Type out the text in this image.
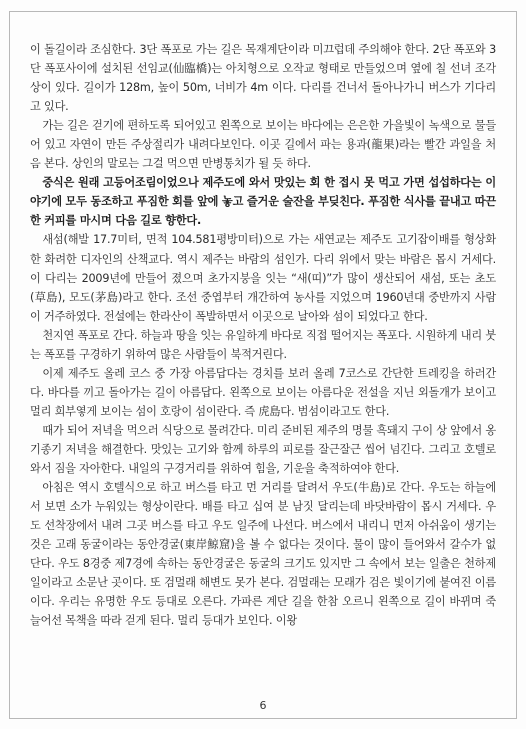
이 돌길이라 조심한다. 3단 폭포로 가는 길은 목재계단이라 미끄럽데 주의해야 한다. 2단 폭포와 3단 폭포사이에 설치된 선임교(仙臨橋)는 아치형으로 오작교 형태로 만들었으며 옆에 칠 선녀 조각상이 있다. 길이가 128m, 높이 50m, 너비가 4m 이다. 다리를 건너서 돌아나가니 버스가 기다리고 있다.

가는 길은 걷기에 편하도록 되어있고 왼쪽으로 보이는 바다에는 은은한 가을빛이 녹색으로 물들어 있고 자연이 만든 주상절리가 내려다보인다. 이곳 길에서 파는 용과(龍果)라는 빨간 과일을 처음 본다. 상인의 말로는 그걸 먹으면 만병통치가 될 듯 하다.

중식은 원래 고등어조림이었으나 제주도에 와서 맛있는 회 한 접시 못 먹고 가면 섭섭하다는 이야기에 모두 동조하고 푸짐한 회를 앞에 놓고 즐거운 술잔을 부딪친다. 푸짐한 식사를 끝내고 따끈한 커피를 마시며 다음 길로 향한다.

새섬(해발 17.7미터, 면적 104.581평방미터)으로 가는 새연교는 제주도 고기잡이배를 형상화한 화려한 디자인의 산책교다. 역시 제주는 바람의 섬인가. 다리 위에서 맞는 바람은 몹시 거세다. 이 다리는 2009년에 만들어 졌으며 초가지붕을 잇는 “새(띠)”가 많이 생산되어 새섬, 또는 초도(草島), 모도(茅島)라고 한다. 조선 중엽부터 개간하여 농사를 지었으며 1960년대 중반까지 사람이 거주하였다. 전설에는 한라산이 폭발하면서 이곳으로 날아와 섬이 되었다고 한다.

천지연 폭포로 간다. 하늘과 땅을 잇는 유일하게 바다로 직접 떨어지는 폭포다. 시원하게 내리 붓는 폭포를 구경하기 위하여 많은 사람들이 북적거린다.

이제 제주도 올레 코스 중 가장 아름답다는 경치를 보러 올레 7코스로 간단한 트레킹을 하러간다. 바다를 끼고 돌아가는 길이 아름답다. 왼쪽으로 보이는 아름다운 전설을 지닌 외돌개가 보이고 멀리 희부옇게 보이는 섬이 호랑이 섬이란다. 즉 虎島다. 범섬이라고도 한다.

때가 되어 저녁을 먹으러 식당으로 몰려간다. 미리 준비된 제주의 명물 흑돼지 구이 상 앞에서 옹기종기 저녁을 해결한다. 맛있는 고기와 함께 하루의 피로를 잘근잘근 씹어 넘긴다. 그리고 호텔로 와서 짐을 자아한다. 내일의 구경거리를 위하여 힘을, 기운을 축적하여야 한다.

아침은 역시 호텔식으로 하고 버스를 타고 먼 거리를 달려서 우도(牛島)로 간다. 우도는 하늘에서 보면 소가 누워있는 형상이란다. 배를 타고 십여 분 남짓 달리는데 바닷바람이 몹시 거세다. 우도 선착장에서 내려 그곳 버스를 타고 우도 일주에 나선다. 버스에서 내리니 먼저 아쉬움이 생기는 것은 고래 동굴이라는 동안경굴(東岸鯨窟)을 볼 수 없다는 것이다. 물이 많이 들어와서 갈수가 없단다. 우도 8경중 제7경에 속하는 동안경굴은 동굴의 크기도 있지만 그 속에서 보는 일출은 천하제일이라고 소문난 곳이다. 또 검멀래 해변도 못가 본다. 검멀래는 모래가 검은 빛이기에 붙여진 이름이다. 우리는 유명한 우도 등대로 오른다. 가파른 계단 길을 한참 오르니 왼쪽으로 길이 바뀌며 죽 늘어선 목책을 따라 걷게 된다. 멀리 등대가 보인다. 이왕

6
